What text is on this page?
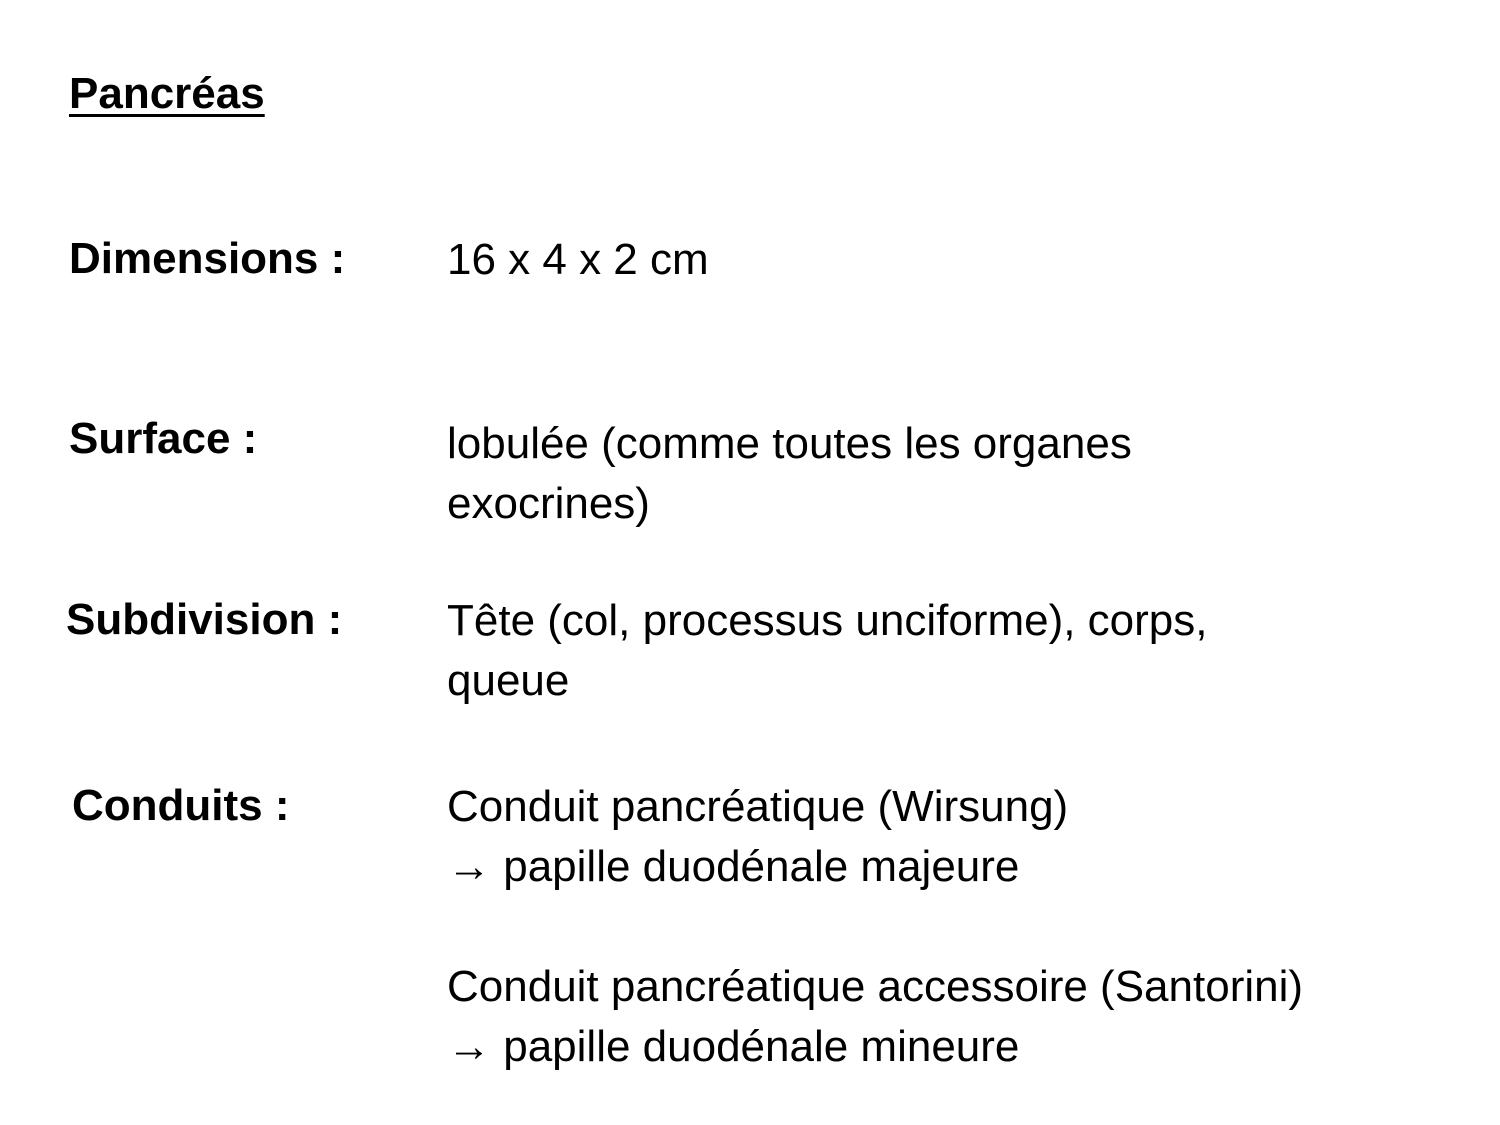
Pancréas
Dimensions : 16 x 4 x 2 cm
Surface :	lobulée (comme toutes les organes
exocrines)
Subdivision : Tête (col, processus unciforme), corps,
queue
Conduits :	Conduit pancréatique (Wirsung)
→ papille duodénale majeure
Conduit pancréatique accessoire (Santorini)
→ papille duodénale mineure
